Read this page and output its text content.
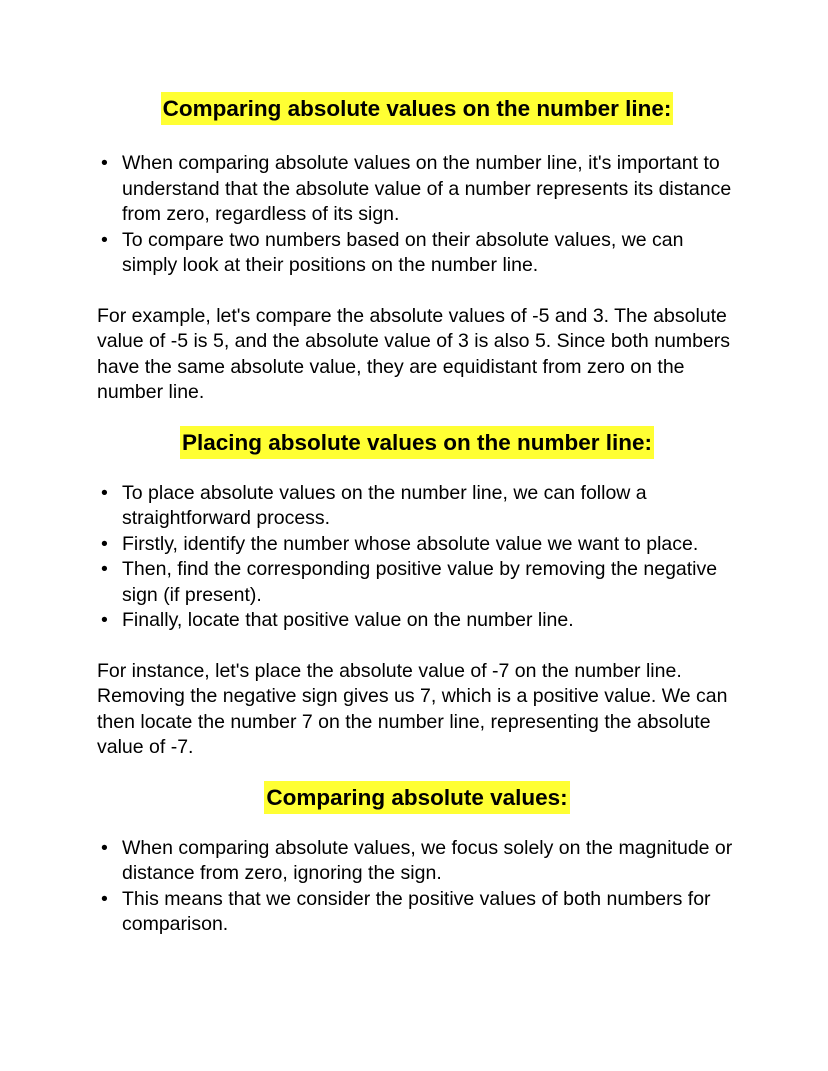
Comparing absolute values on the number line:
• When comparing absolute values on the number line, it's important to understand that the absolute value of a number represents its distance from zero, regardless of its sign.
• To compare two numbers based on their absolute values, we can simply look at their positions on the number line.

For example, let's compare the absolute values of -5 and 3. The absolute value of -5 is 5, and the absolute value of 3 is also 5. Since both numbers have the same absolute value, they are equidistant from zero on the number line.

Placing absolute values on the number line:
• To place absolute values on the number line, we can follow a straightforward process.
• Firstly, identify the number whose absolute value we want to place.
• Then, find the corresponding positive value by removing the negative sign (if present).
• Finally, locate that positive value on the number line.

For instance, let's place the absolute value of -7 on the number line. Removing the negative sign gives us 7, which is a positive value. We can then locate the number 7 on the number line, representing the absolute value of -7.

Comparing absolute values:
• When comparing absolute values, we focus solely on the magnitude or distance from zero, ignoring the sign.
• This means that we consider the positive values of both numbers for comparison.
